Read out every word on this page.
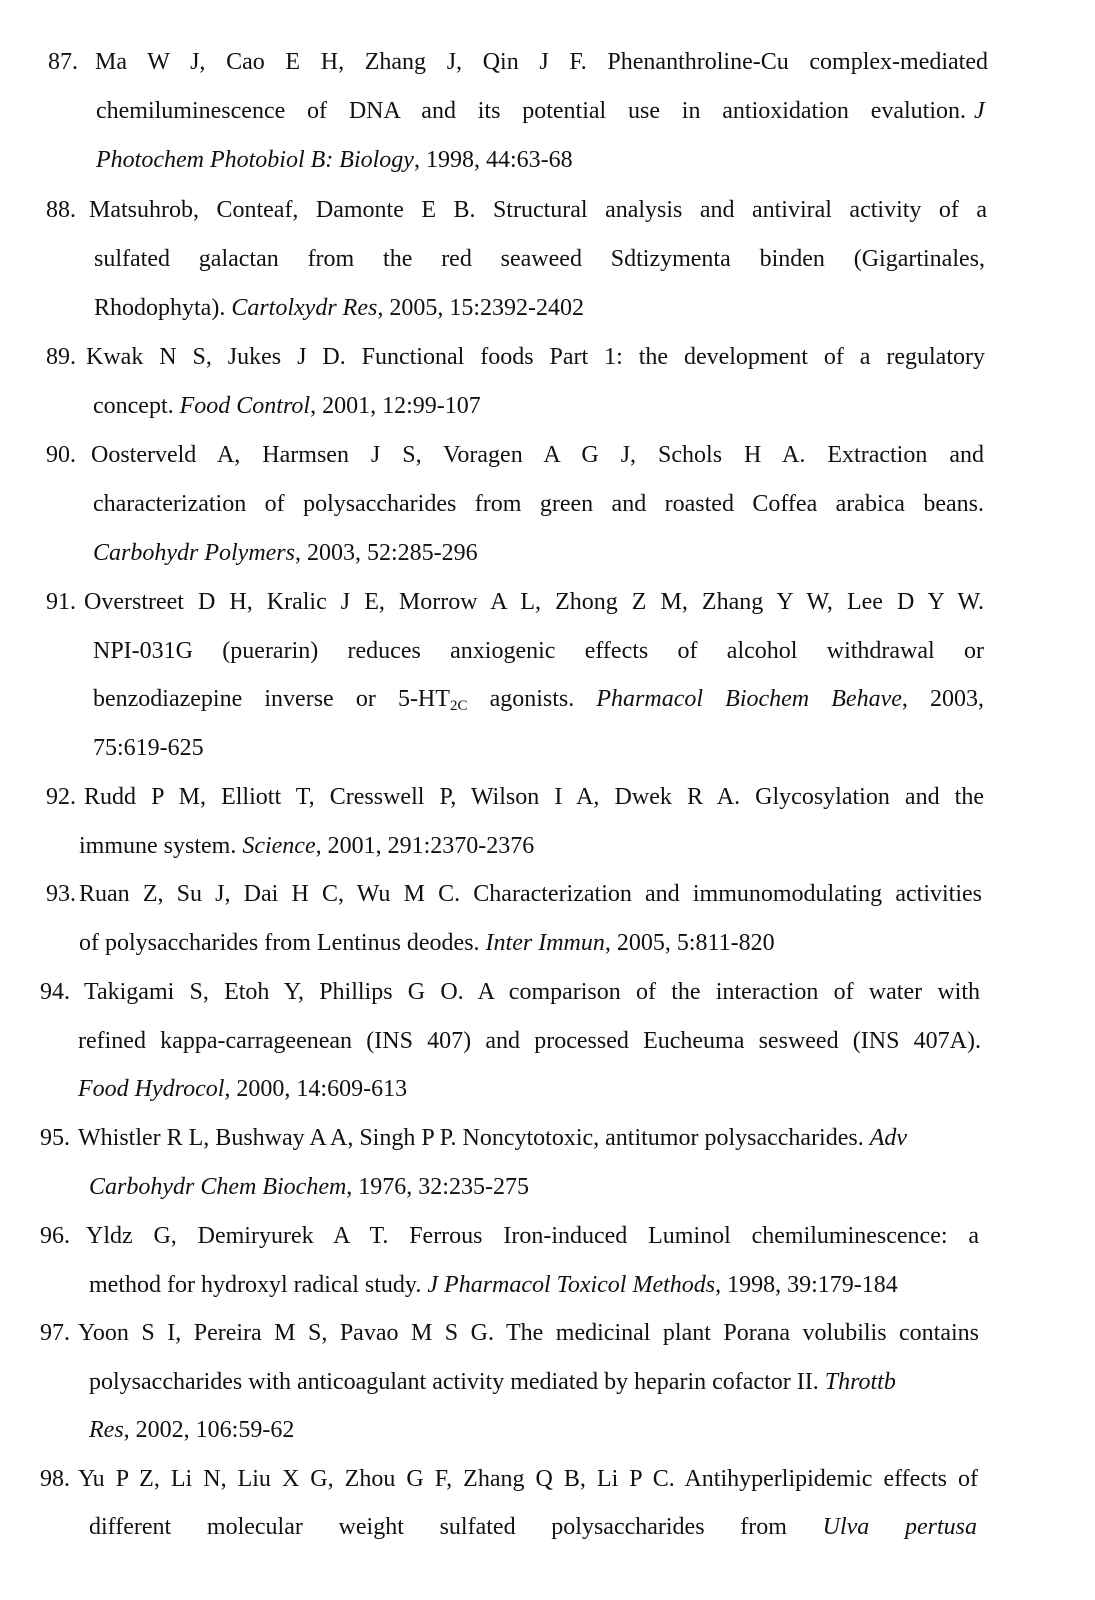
87. Ma W J, Cao E H, Zhang J, Qin J F. Phenanthroline-Cu complex-mediated
chemiluminescence of DNA and its potential use in antioxidation evalution. J
Photochem Photobiol B: Biology, 1998, 44:63-68
88. Matsuhrob, Conteaf, Damonte E B. Structural analysis and antiviral activity of a
sulfated galactan from the red seaweed Sdtizymenta binden (Gigartinales,
Rhodophyta). Cartolxydr Res, 2005, 15:2392-2402
89. Kwak N S, Jukes J D. Functional foods Part 1: the development of a regulatory
concept. Food Control, 2001, 12:99-107
90. Oosterveld A, Harmsen J S, Voragen A G J, Schols H A. Extraction and
characterization of polysaccharides from green and roasted Coffea arabica beans.
Carbohydr Polymers, 2003, 52:285-296
91. Overstreet D H, Kralic J E, Morrow A L, Zhong Z M, Zhang Y W, Lee D Y W.
NPI-031G (puerarin) reduces anxiogenic effects of alcohol withdrawal or
benzodiazepine inverse or $5-HT_{2C}$ agonists. Pharmacol Biochem Behave, 2003,
75:619-625
92. Rudd P M, Elliott T, Cresswell P, Wilson I A, Dwek R A. Glycosylation and the
immune system. Science, 2001, 291:2370-2376
93. Ruan Z, Su J, Dai H C, Wu M C. Characterization and immunomodulating activities
of polysaccharides from Lentinus deodes. Inter Immun, 2005, 5:811-820
94. Takigami S, Etoh Y, Phillips G O. A comparison of the interaction of water with
refined kappa-carrageenean (INS 407) and processed Eucheuma sesweed (INS 407A).
Food Hydrocol, 2000, 14:609-613
95. Whistler R L, Bushway A A, Singh P P. Noncytotoxic, antitumor polysaccharides. Adv
Carbohydr Chem Biochem, 1976, 32:235-275
96. Yldz G, Demiryurek A T. Ferrous Iron-induced Luminol chemiluminescence: a
method for hydroxyl radical study. J Pharmacol Toxicol Methods, 1998, 39:179-184
97. Yoon S I, Pereira M S, Pavao M S G. The medicinal plant Porana volubilis contains
polysaccharides with anticoagulant activity mediated by heparin cofactor II. Throttb
Res, 2002, 106:59-62
98. Yu P Z, Li N, Liu X G, Zhou G F, Zhang Q B, Li P C. Antihyperlipidemic effects of
different molecular weight sulfated polysaccharides from Ulva pertusa
